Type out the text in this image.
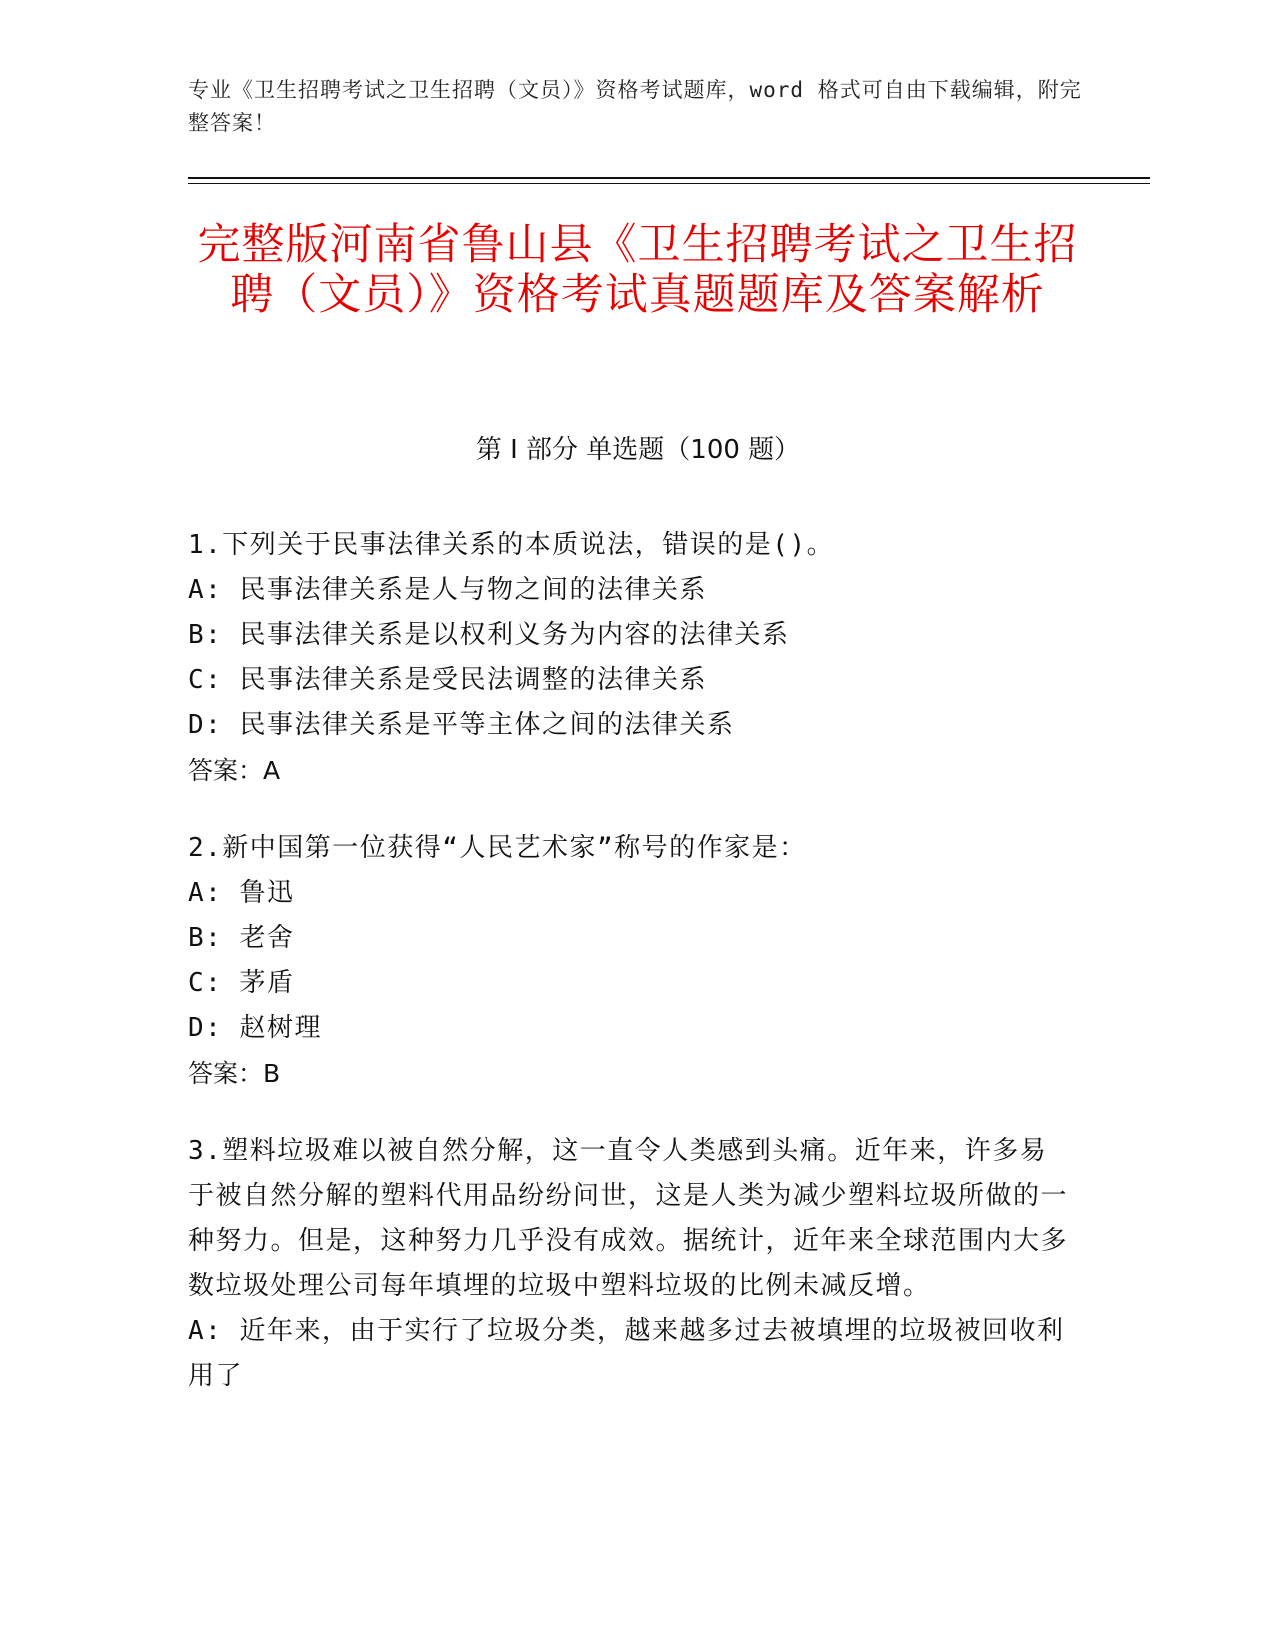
专业《卫生招聘考试之卫生招聘（文员）》资格考试题库，word 格式可自由下载编辑，附完整答案！
完整版河南省鲁山县《卫生招聘考试之卫生招聘（文员）》资格考试真题题库及答案解析
第 I 部分 单选题（100 题）

1.下列关于民事法律关系的本质说法，错误的是()。

A: 民事法律关系是人与物之间的法律关系

B: 民事法律关系是以权利义务为内容的法律关系

C: 民事法律关系是受民法调整的法律关系

D: 民事法律关系是平等主体之间的法律关系

答案：A

2.新中国第一位获得“人民艺术家”称号的作家是：

A: 鲁迅

B: 老舍

C: 茅盾

D: 赵树理

答案：B

3.塑料垃圾难以被自然分解，这一直令人类感到头痛。近年来，许多易于被自然分解的塑料代用品纷纷问世，这是人类为减少塑料垃圾所做的一种努力。但是，这种努力几乎没有成效。据统计，近年来全球范围内大多数垃圾处理公司每年填埋的垃圾中塑料垃圾的比例未减反增。

A: 近年来，由于实行了垃圾分类，越来越多过去被填埋的垃圾被回收利用了
